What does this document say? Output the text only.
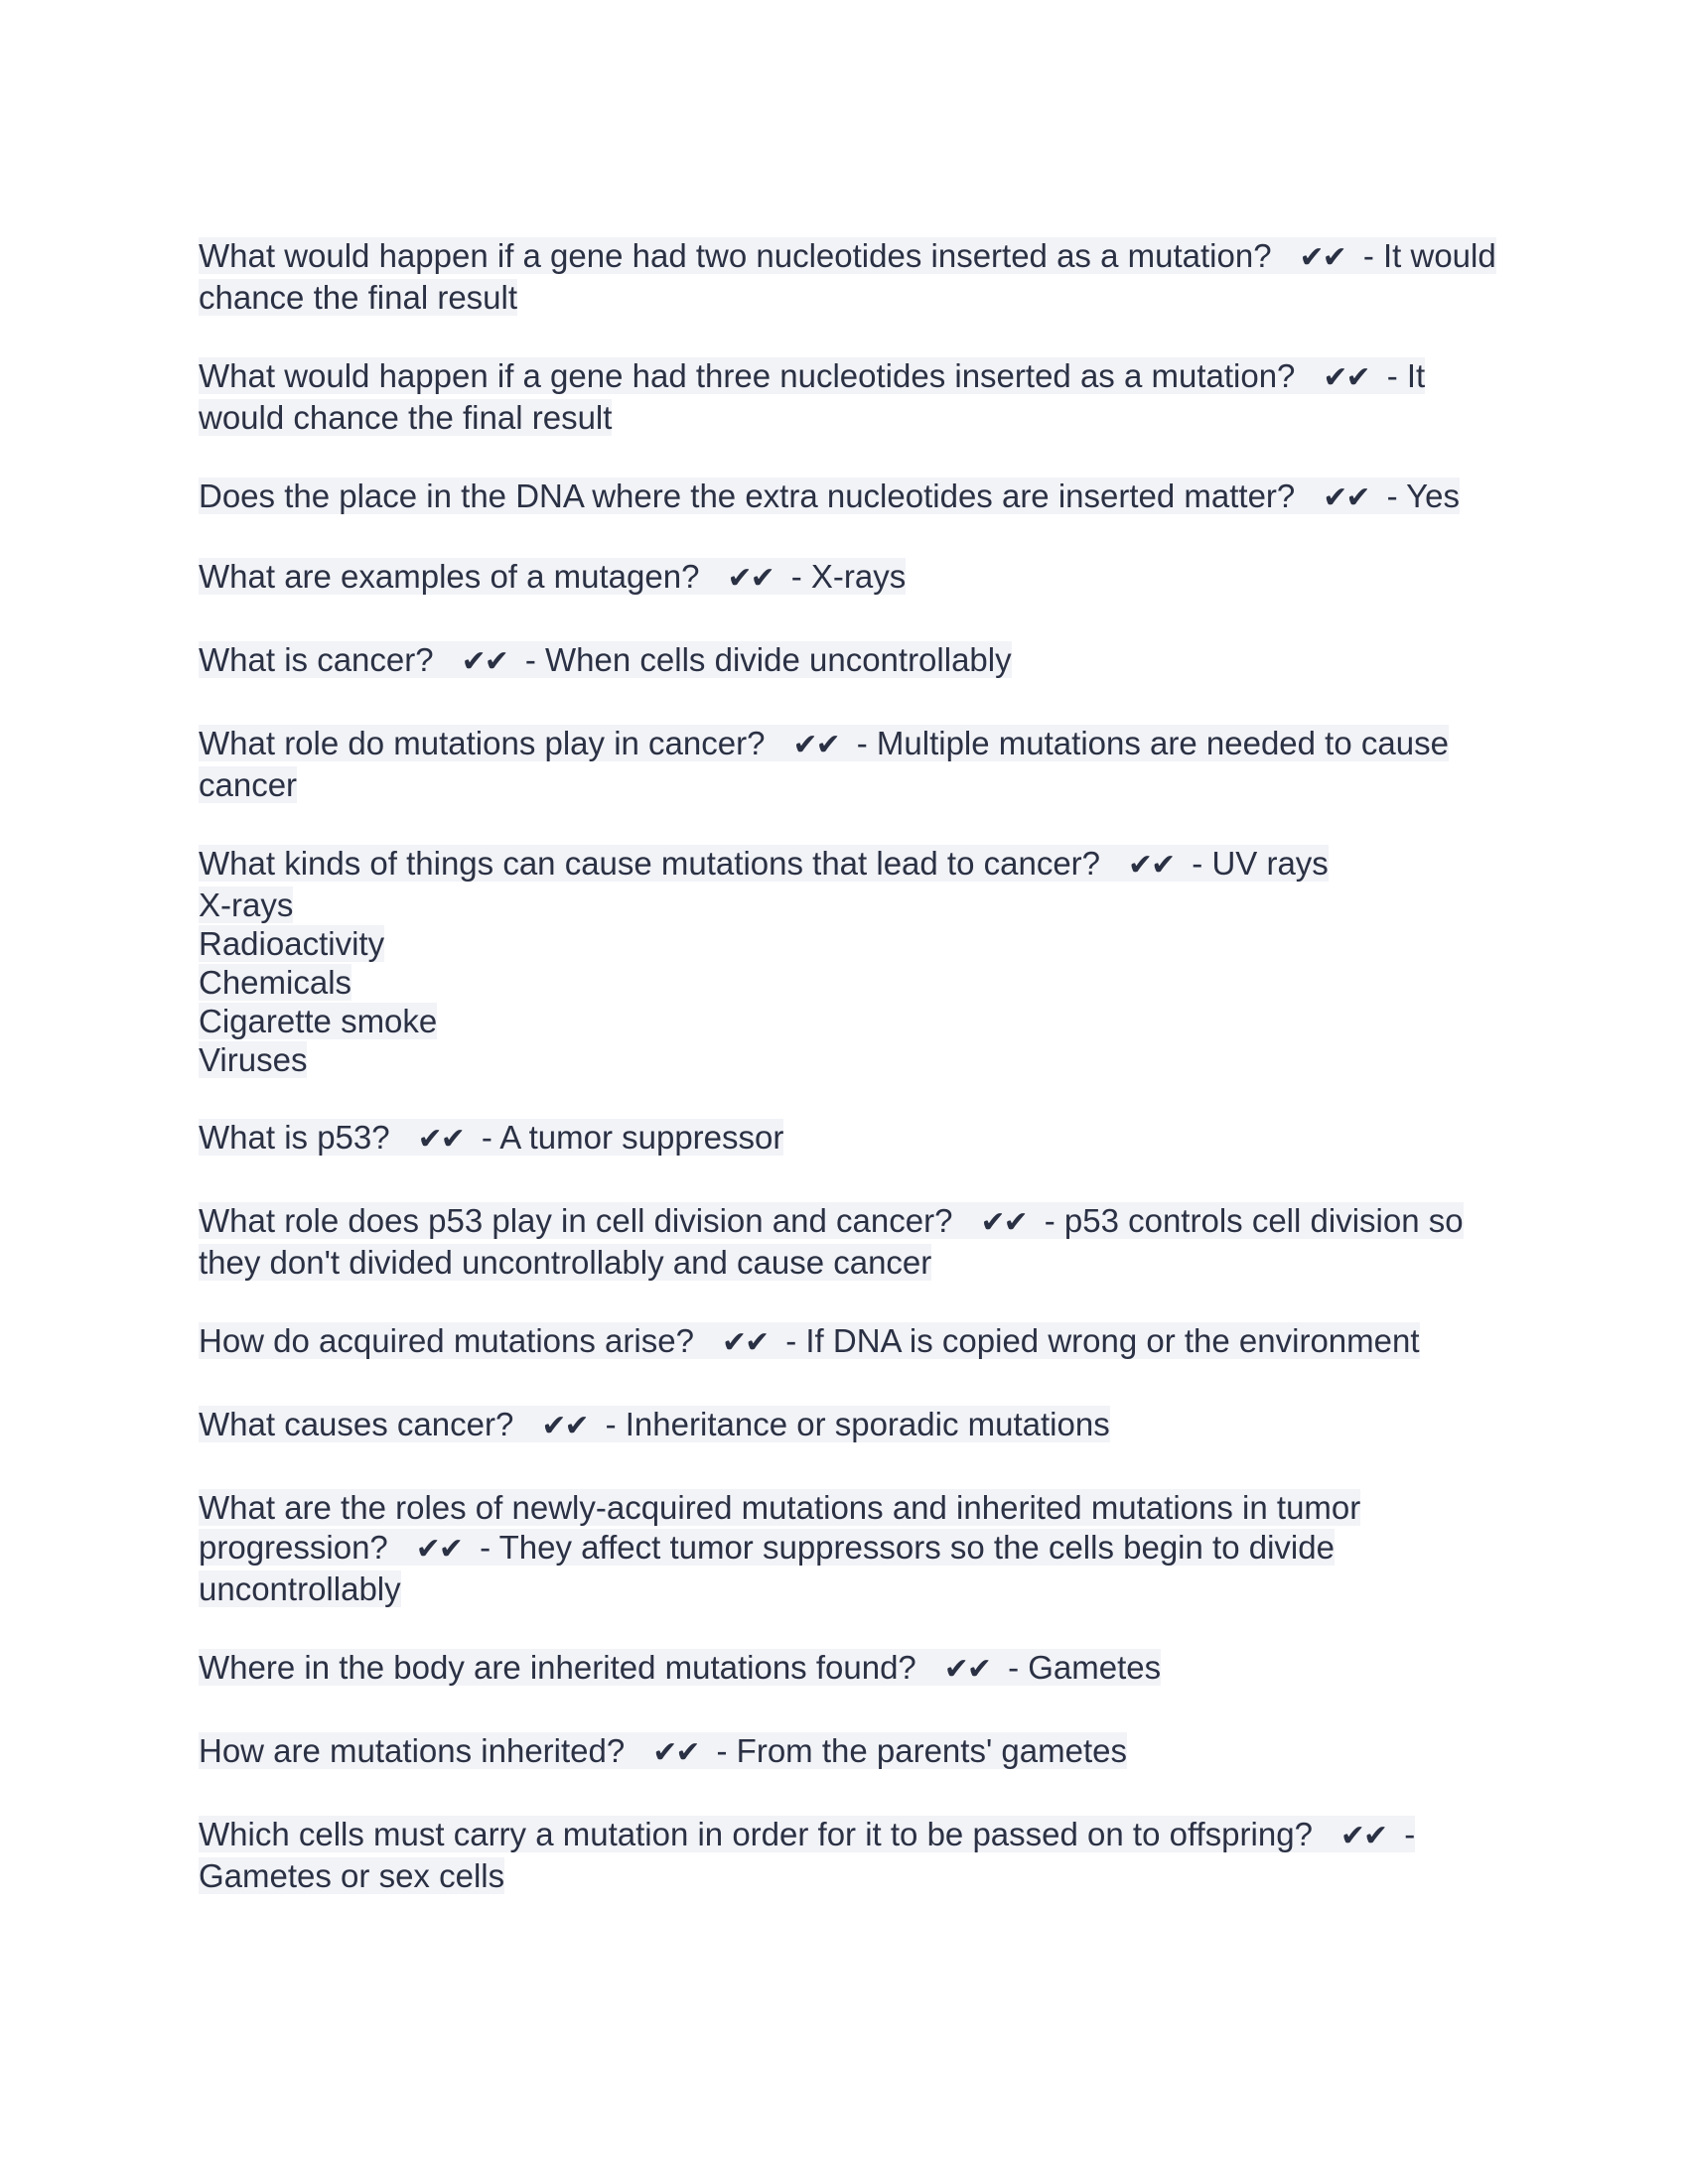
What would happen if a gene had two nucleotides inserted as a mutation? ✔✔ - It would chance the final result

What would happen if a gene had three nucleotides inserted as a mutation? ✔✔ - It would chance the final result

Does the place in the DNA where the extra nucleotides are inserted matter? ✔✔ - Yes

What are examples of a mutagen? ✔✔ - X-rays

What is cancer? ✔✔ - When cells divide uncontrollably

What role do mutations play in cancer? ✔✔ - Multiple mutations are needed to cause cancer

What kinds of things can cause mutations that lead to cancer? ✔✔ - UV rays
X-rays
Radioactivity
Chemicals
Cigarette smoke
Viruses

What is p53? ✔✔ - A tumor suppressor

What role does p53 play in cell division and cancer? ✔✔ - p53 controls cell division so they don't divided uncontrollably and cause cancer

How do acquired mutations arise? ✔✔ - If DNA is copied wrong or the environment

What causes cancer? ✔✔ - Inheritance or sporadic mutations

What are the roles of newly-acquired mutations and inherited mutations in tumor progression? ✔✔ - They affect tumor suppressors so the cells begin to divide uncontrollably

Where in the body are inherited mutations found? ✔✔ - Gametes

How are mutations inherited? ✔✔ - From the parents' gametes

Which cells must carry a mutation in order for it to be passed on to offspring? ✔✔ - Gametes or sex cells
